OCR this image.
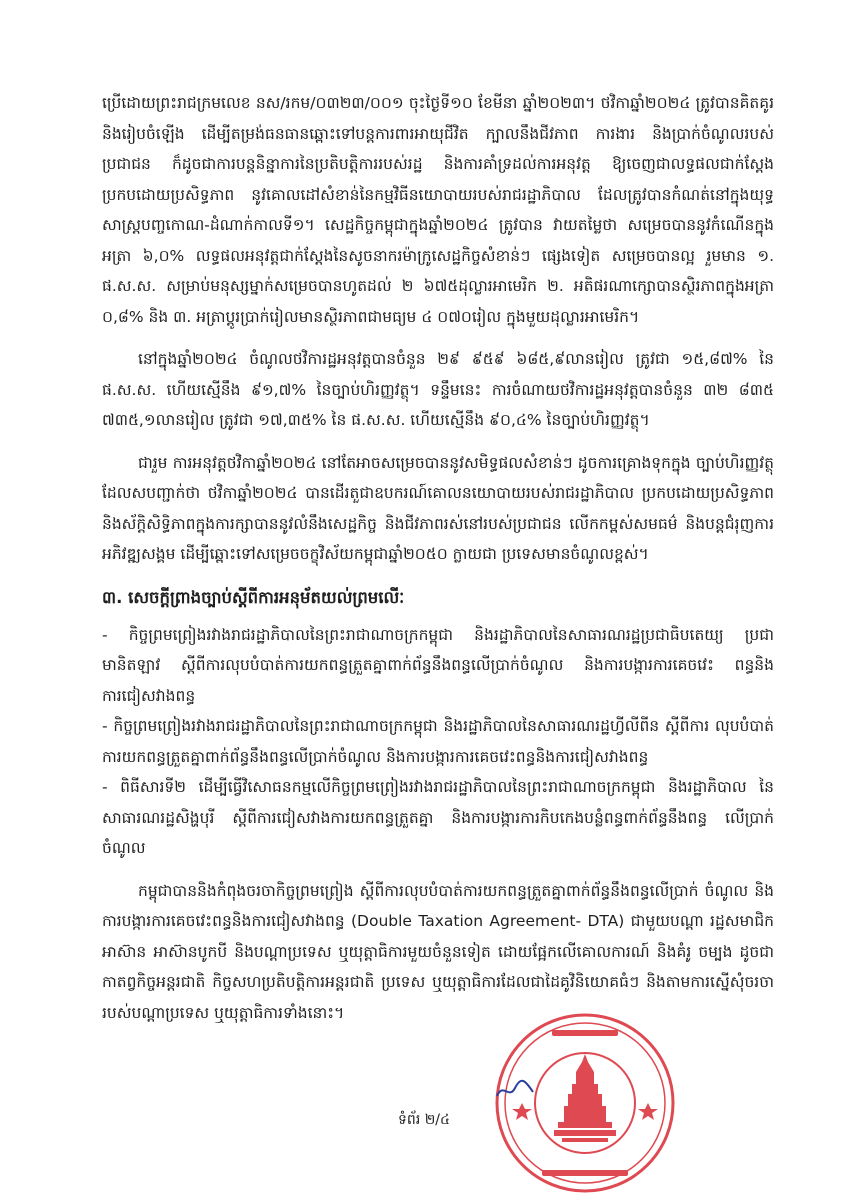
ប្រើដោយព្រះរាជក្រមលេខ នស/រកម/០៣២៣/០០១ ចុះថ្ងៃទី១០ ខែមីនា ឆ្នាំ២០២៣។ ថវិកាឆ្នាំ២០២៤ ត្រូវបានគិតគូរនិងរៀបចំឡើង ដើម្បីតម្រង់ធនធានឆ្ពោះទៅបន្តការពារអាយុជីវិត ក្បាលនឹងជីវភាព ការងារ និងប្រាក់ចំណូលរបស់ប្រជាជន ក៏ដូចជាការបន្តនិន្នាការនៃប្រតិបត្តិការរបស់រដ្ឋ និងការគាំទ្រដល់ការអនុវត្ត ឱ្យចេញជាលទ្ធផលជាក់ស្តែងប្រកបដោយប្រសិទ្ធភាព នូវគោលដៅសំខាន់នៃកម្មវិធីនយោបាយរបស់រាជរដ្ឋាភិបាល ដែលត្រូវបានកំណត់នៅក្នុងយុទ្ធសាស្ត្របញ្ចកោណ-ដំណាក់កាលទី១។ សេដ្ឋកិច្ចកម្ពុជាក្នុងឆ្នាំ២០២៤ ត្រូវបាន វាយតម្លៃថា សម្រេចបាននូវកំណើនក្នុងអត្រា ៦,០% លទ្ធផលអនុវត្តជាក់ស្តែងនៃសូចនាករម៉ាក្រូសេដ្ឋកិច្ចសំខាន់ៗ ផ្សេងទៀត សម្រេចបានល្អ រួមមាន ១. ផ.ស.ស. សម្រាប់មនុស្សម្នាក់សម្រេចបានហូតដល់ ២ ៦៧៥ដុល្លារអាមេរិក ២. អតិផរណាក្សោបានស្ថិរភាពក្នុងអត្រា ០,៨% និង ៣. អត្រាប្តូរប្រាក់រៀលមានស្ថិរភាពជាមធ្យម ៤ ០៧០រៀល ក្នុងមួយដុល្លារអាមេរិក។

នៅក្នុងឆ្នាំ២០២៤ ចំណូលថវិការដ្ឋអនុវត្តបានចំនួន ២៩ ៩៥៩ ៦៨៥,៩លានរៀល ត្រូវជា ១៥,៨៧% នៃ ផ.ស.ស. ហើយស្មើនឹង ៩១,៧% នៃច្បាប់ហិរញ្ញវត្ថុ។ ទន្ទឹមនេះ ការចំណាយថវិការដ្ឋអនុវត្តបានចំនួន ៣២ ៨៣៥ ៧៣៥,១លានរៀល ត្រូវជា ១៧,៣៥% នៃ ផ.ស.ស. ហើយស្មើនឹង ៩០,៤% នៃច្បាប់ហិរញ្ញវត្ថុ។

ជារួម ការអនុវត្តថវិកាឆ្នាំ២០២៤ នៅតែអាចសម្រេចបាននូវសមិទ្ធផលសំខាន់ៗ ដូចការគ្រោងទុកក្នុង ច្បាប់ហិរញ្ញវត្ថុ ដែលសបញ្ជាក់ថា ថវិកាឆ្នាំ២០២៤ បានដើរតួជាឧបករណ៍គោលនយោបាយរបស់រាជរដ្ឋាភិបាល ប្រកបដោយប្រសិទ្ធភាព និងស័ក្តិសិទ្ធិភាពក្នុងការក្សាបាននូវលំនឹងសេដ្ឋកិច្ច និងជីវភាពរស់នៅរបស់ប្រជាជន លើកកម្ពស់សមធម៌ និងបន្តជំរុញការអភិវឌ្ឍសង្គម ដើម្បីឆ្ពោះទៅសម្រេចចក្ខុវិស័យកម្ពុជាឆ្នាំ២០៥០ ក្លាយជា ប្រទេសមានចំណូលខ្ពស់។

៣. សេចក្តីព្រាងច្បាប់ស្តីពីការអនុម័តយល់ព្រមលើៈ

- កិច្ចព្រមព្រៀងរវាងរាជរដ្ឋាភិបាលនៃព្រះរាជាណាចក្រកម្ពុជា និងរដ្ឋាភិបាលនៃសាធារណរដ្ឋប្រជាធិបតេយ្យ ប្រជាមានិតឡាវ ស្តីពីការលុបបំបាត់ការយកពន្ធត្រួតគ្នាពាក់ព័ន្ធនឹងពន្ធលើប្រាក់ចំណូល និងការបង្ការការគេចវេះ ពន្ធនិងការជៀសវាងពន្ធ

- កិច្ចព្រមព្រៀងរវាងរាជរដ្ឋាភិបាលនៃព្រះរាជាណាចក្រកម្ពុជា និងរដ្ឋាភិបាលនៃសាធារណរដ្ឋហ្វីលីពីន ស្តីពីការ លុបបំបាត់ការយកពន្ធត្រួតគ្នាពាក់ព័ន្ធនឹងពន្ធលើប្រាក់ចំណូល និងការបង្ការការគេចវេះពន្ធនិងការជៀសវាងពន្ធ

- ពិធីសារទី២ ដើម្បីធ្វើវិសោធនកម្មលើកិច្ចព្រមព្រៀងរវាងរាជរដ្ឋាភិបាលនៃព្រះរាជាណាចក្រកម្ពុជា និងរដ្ឋាភិបាល នៃសាធារណរដ្ឋសិង្ហបុរី ស្តីពីការជៀសវាងការយកពន្ធត្រួតគ្នា និងការបង្ការការកិបកេងបន្លំពន្ធពាក់ព័ន្ធនឹងពន្ធ លើប្រាក់ចំណូល

កម្ពុជាបាននិងកំពុងចរចាកិច្ចព្រមព្រៀង ស្តីពីការលុបបំបាត់ការយកពន្ធត្រួតគ្នាពាក់ព័ន្ធនឹងពន្ធលើប្រាក់ ចំណូល និងការបង្ការការគេចវេះពន្ធនិងការជៀសវាងពន្ធ (Double Taxation Agreement- DTA) ជាមួយបណ្តា រដ្ឋសមាជិកអាស៊ាន អាស៊ានបូកបី និងបណ្តាប្រទេស ឬយុត្តាធិការមួយចំនួនទៀត ដោយផ្អែកលើគោលការណ៍ និងគំរូ ចម្បង ដូចជាកាតព្វកិច្ចអន្តរជាតិ កិច្ចសហប្រតិបត្តិការអន្តរជាតិ ប្រទេស ឬយុត្តាធិការដែលជាដៃគូវិនិយោគធំៗ និងតាមការស្នើសុំចរចារបស់បណ្តាប្រទេស ឬយុត្តាធិការទាំងនោះ។

ទំព័រ ២/៤
